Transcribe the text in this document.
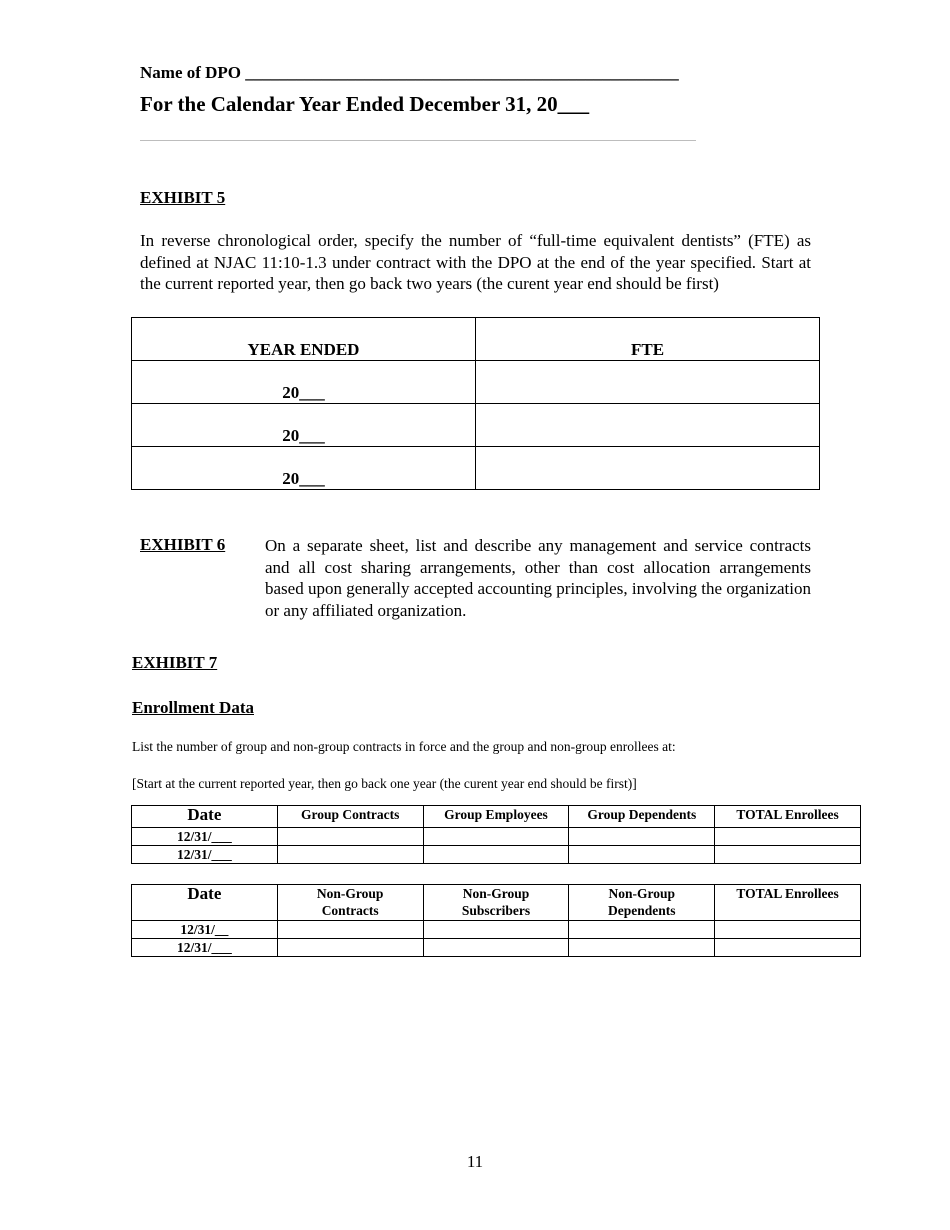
Name of DPO ___________________________________________________
For the Calendar Year Ended December 31, 20___
EXHIBIT 5
In reverse chronological order, specify the number of “full-time equivalent dentists” (FTE) as defined at NJAC 11:10-1.3 under contract with the DPO at the end of the year specified. Start at the current reported year, then go back two years (the curent year end should be first)
YEAR ENDED	FTE
20___	
20___	
20___	
EXHIBIT 6 On a separate sheet, list and describe any management and service contracts and all cost sharing arrangements, other than cost allocation arrangements based upon generally accepted accounting principles, involving the organization or any affiliated organization.
EXHIBIT 7
Enrollment Data
List the number of group and non-group contracts in force and the group and non-group enrollees at:
[Start at the current reported year, then go back one year (the curent year end should be first)]
Date	Group Contracts	Group Employees	Group Dependents	TOTAL Enrollees
12/31/___				
12/31/___				
Date	Non-Group Contracts	Non-Group Subscribers	Non-Group Dependents	TOTAL Enrollees
12/31/__				
12/31/___				
11
